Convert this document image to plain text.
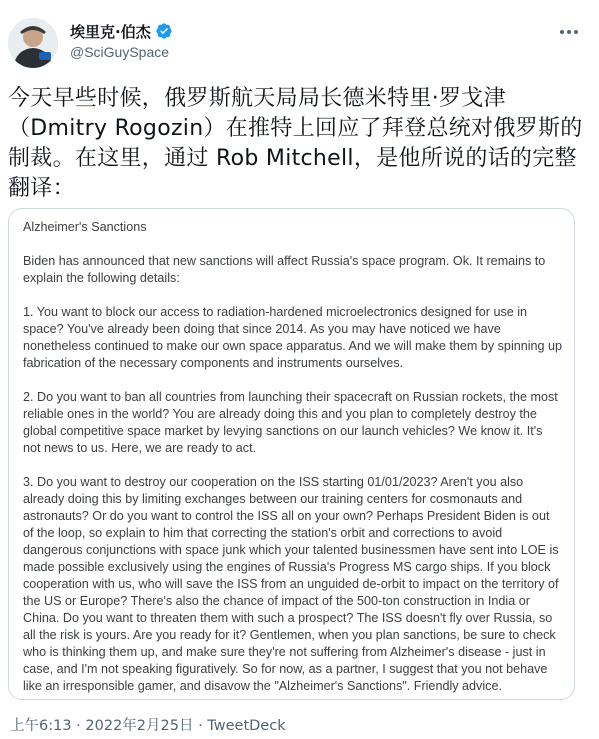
埃里克·伯杰
@SciGuySpace
今天早些时候，俄罗斯航天局局长德米特里·罗戈津（Dmitry Rogozin）在推特上回应了拜登总统对俄罗斯的制裁。在这里，通过 Rob Mitchell，是他所说的话的完整翻译：

Alzheimer's Sanctions

Biden has announced that new sanctions will affect Russia's space program. Ok. It remains to explain the following details:

1. You want to block our access to radiation-hardened microelectronics designed for use in space? You've already been doing that since 2014. As you may have noticed we have nonetheless continued to make our own space apparatus. And we will make them by spinning up fabrication of the necessary components and instruments ourselves.

2. Do you want to ban all countries from launching their spacecraft on Russian rockets, the most reliable ones in the world? You are already doing this and you plan to completely destroy the global competitive space market by levying sanctions on our launch vehicles? We know it. It's not news to us. Here, we are ready to act.

3. Do you want to destroy our cooperation on the ISS starting 01/01/2023? Aren't you also already doing this by limiting exchanges between our training centers for cosmonauts and astronauts? Or do you want to control the ISS all on your own? Perhaps President Biden is out of the loop, so explain to him that correcting the station's orbit and corrections to avoid dangerous conjunctions with space junk which your talented businessmen have sent into LOE is made possible exclusively using the engines of Russia's Progress MS cargo ships. If you block cooperation with us, who will save the ISS from an unguided de-orbit to impact on the territory of the US or Europe? There's also the chance of impact of the 500-ton construction in India or China. Do you want to threaten them with such a prospect? The ISS doesn't fly over Russia, so all the risk is yours. Are you ready for it? Gentlemen, when you plan sanctions, be sure to check who is thinking them up, and make sure they're not suffering from Alzheimer's disease - just in case, and I'm not speaking figuratively. So for now, as a partner, I suggest that you not behave like an irresponsible gamer, and disavow the "Alzheimer's Sanctions". Friendly advice.

上午6:13 · 2022年2月25日 · TweetDeck
